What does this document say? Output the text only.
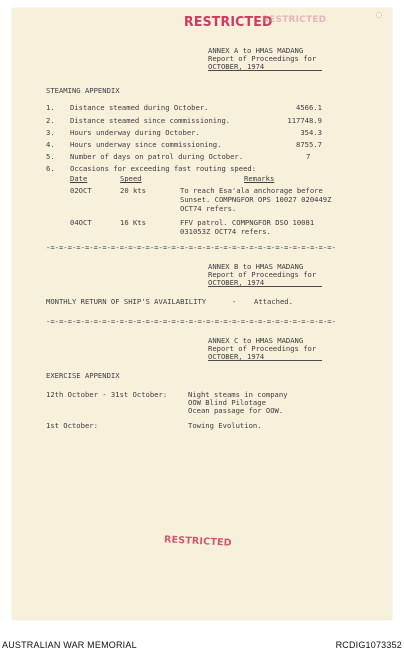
RESTRICTED
RESTRICTED
ANNEX A to HMAS MADANG
Report of Proceedings for
OCTOBER, 1974
STEAMING APPENDIX
1. Distance steamed during October.	4566.1
2. Distance steamed since commissioning.	117748.9
3. Hours underway during October.	354.3
4. Hours underway since commissioning.	8755.7
5. Number of days on patrol during October.	7
6. Occasions for exceeding fast routing speed:
Date	Speed	Remarks
02OCT	20 kts	To reach Esa'ala anchorage before
Sunset. COMPNGFOR OPS 10027 020449Z
OCT74 refers.
04OCT	16 Kts	FFV patrol. COMPNGFOR DSO 10081
031053Z OCT74 refers.
-=-=-=-=-=-=-=-=-=-=-=-=-=-=-=-=-=-=-=-=-=-=-=-=-=-=-=-=-=-=-=-=-=-
ANNEX B to HMAS MADANG
Report of Proceedings for
OCTOBER, 1974
MONTHLY RETURN OF SHIP'S AVAILABILITY	- Attached.
-=-=-=-=-=-=-=-=-=-=-=-=-=-=-=-=-=-=-=-=-=-=-=-=-=-=-=-=-=-=-=-=-=-
ANNEX C to HMAS MADANG
Report of Proceedings for
OCTOBER, 1974
EXERCISE APPENDIX
12th October - 31st October:	Night steams in company
OOW Blind Pilotage
Ocean passage for OOW.
1st October:	Towing Evolution.
RESTRICTED
AUSTRALIAN WAR MEMORIAL	RCDIG1073352
